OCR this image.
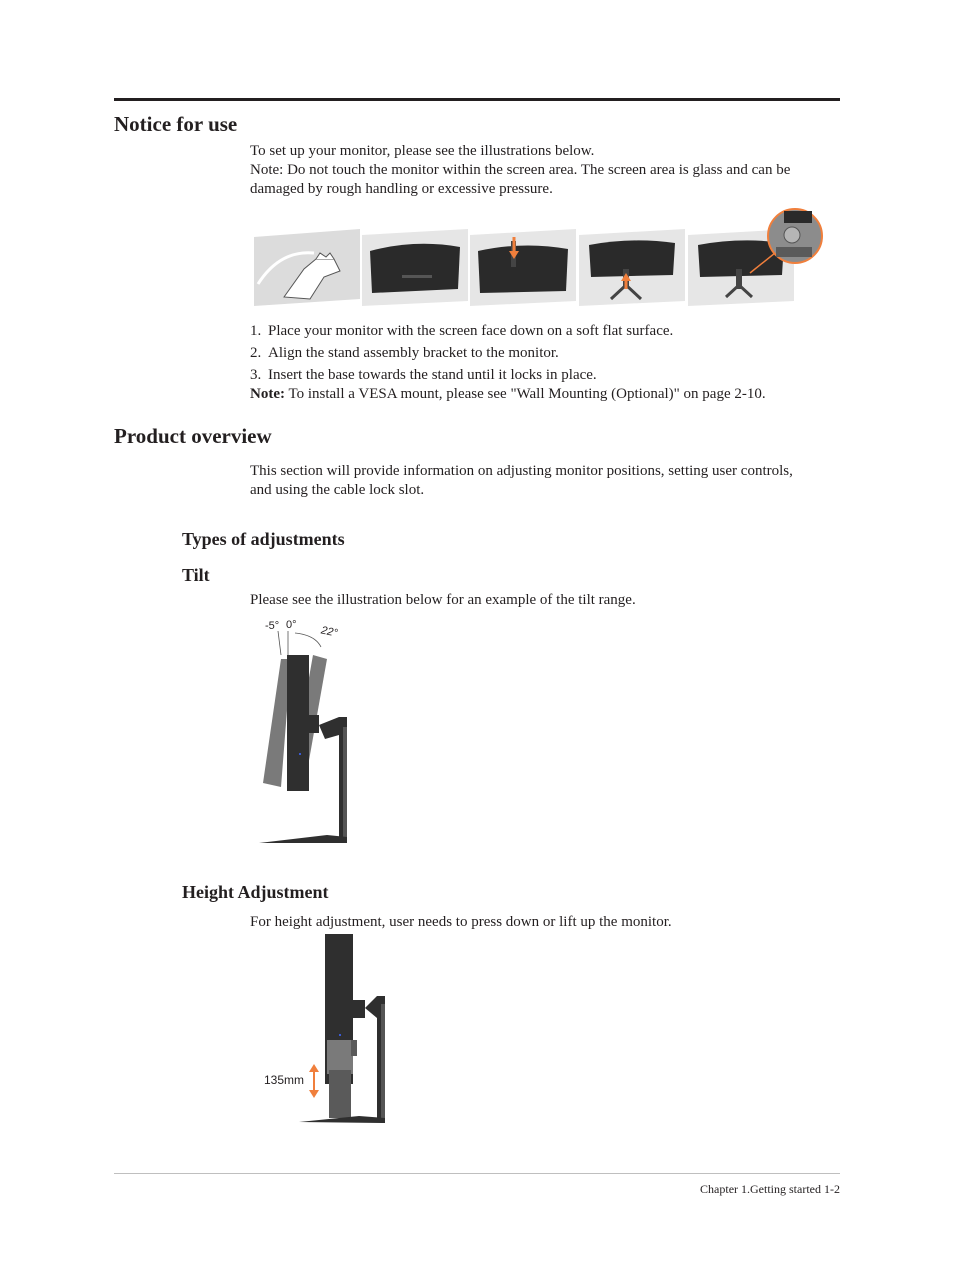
Notice for use
To set up your monitor, please see the illustrations below.
Note: Do not touch the monitor within the screen area. The screen area is glass and can be
damaged by rough handling or excessive pressure.
1. Place your monitor with the screen face down on a soft flat surface.
2. Align the stand assembly bracket to the monitor.
3. Insert the base towards the stand until it locks in place.
Note: To install a VESA mount, please see "Wall Mounting (Optional)" on page 2-10.
Product overview
This section will provide information on adjusting monitor positions, setting user controls,
and using the cable lock slot.
Types of adjustments
Tilt
Please see the illustration below for an example of the tilt range.
-5° 0° 22°
Height Adjustment
For height adjustment, user needs to press down or lift up the monitor.
135mm
Chapter 1.Getting started 1-2
